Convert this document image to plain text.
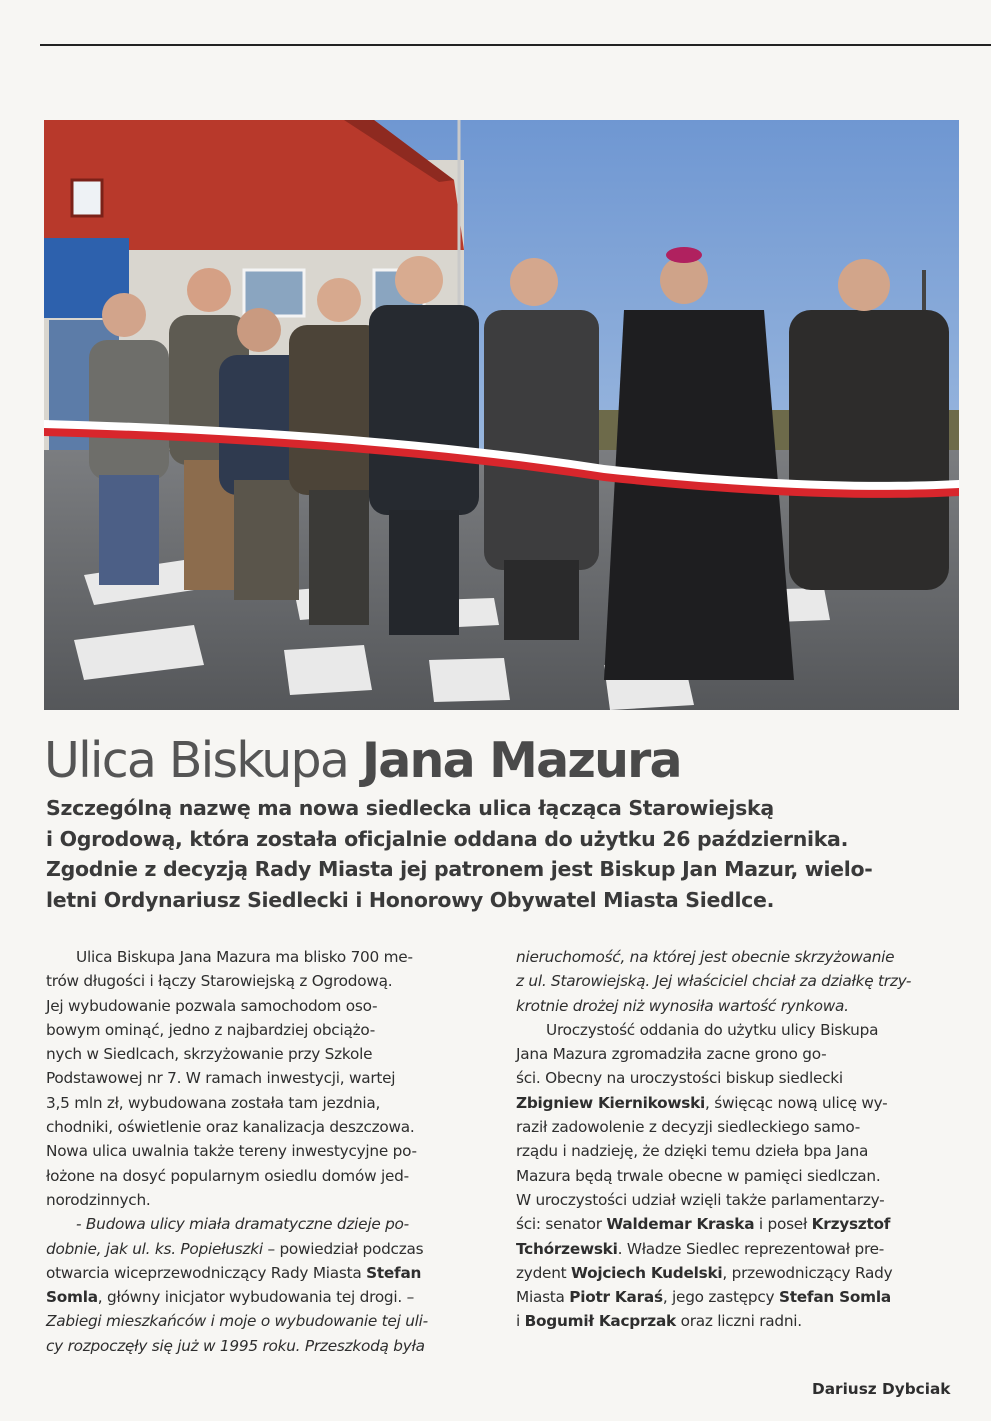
Ulica Biskupa Jana Mazura
Szczególną nazwę ma nowa siedlecka ulica łącząca Starowiejską
i Ogrodową, która została oficjalnie oddana do użytku 26 października.
Zgodnie z decyzją Rady Miasta jej patronem jest Biskup Jan Mazur, wielo-
letni Ordynariusz Siedlecki i Honorowy Obywatel Miasta Siedlce.
Ulica Biskupa Jana Mazura ma blisko 700 me-
trów długości i łączy Starowiejską z Ogrodową.
Jej wybudowanie pozwala samochodom oso-
bowym ominąć, jedno z najbardziej obciążo-
nych w Siedlcach, skrzyżowanie przy Szkole
Podstawowej nr 7. W ramach inwestycji, wartej
3,5 mln zł, wybudowana została tam jezdnia,
chodniki, oświetlenie oraz kanalizacja deszczowa.
Nowa ulica uwalnia także tereny inwestycyjne po-
łożone na dosyć popularnym osiedlu domów jed-
norodzinnych.
- Budowa ulicy miała dramatyczne dzieje po-
dobnie, jak ul. ks. Popiełuszki – powiedział podczas
otwarcia wiceprzewodniczący Rady Miasta Stefan
Somla, główny inicjator wybudowania tej drogi. –
Zabiegi mieszkańców i moje o wybudowanie tej uli-
cy rozpoczęły się już w 1995 roku. Przeszkodą była
nieruchomość, na której jest obecnie skrzyżowanie
z ul. Starowiejską. Jej właściciel chciał za działkę trzy-
krotnie drożej niż wynosiła wartość rynkowa.
Uroczystość oddania do użytku ulicy Biskupa
Jana Mazura zgromadziła zacne grono go-
ści. Obecny na uroczystości biskup siedlecki
Zbigniew Kiernikowski, święcąc nową ulicę wy-
raził zadowolenie z decyzji siedleckiego samo-
rządu i nadzieję, że dzięki temu dzieła bpa Jana
Mazura będą trwale obecne w pamięci siedlczan.
W uroczystości udział wzięli także parlamentarzy-
ści: senator Waldemar Kraska i poseł Krzysztof
Tchórzewski. Władze Siedlec reprezentował pre-
zydent Wojciech Kudelski, przewodniczący Rady
Miasta Piotr Karaś, jego zastępcy Stefan Somla
i Bogumił Kacprzak oraz liczni radni.
Dariusz Dybciak
